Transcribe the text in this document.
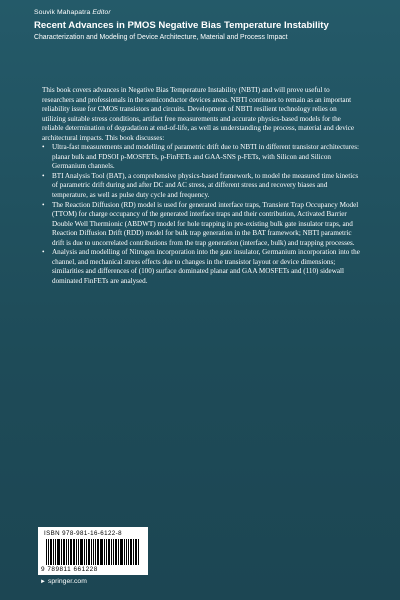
Souvik Mahapatra Editor
Recent Advances in PMOS Negative Bias Temperature Instability
Characterization and Modeling of Device Architecture, Material and Process Impact

This book covers advances in Negative Bias Temperature Instability (NBTI) and will prove useful to researchers and professionals in the semiconductor devices areas. NBTI continues to remain as an important reliability issue for CMOS transistors and circuits. Development of NBTI resilient technology relies on utilizing suitable stress conditions, artifact free measurements and accurate physics-based models for the reliable determination of degradation at end-of-life, as well as understanding the process, material and device architectural impacts. This book discusses:

• Ultra-fast measurements and modelling of parametric drift due to NBTI in different transistor architectures: planar bulk and FDSOI p-MOSFETs, p-FinFETs and GAA-SNS p-FETs, with Silicon and Silicon Germanium channels.
• BTI Analysis Tool (BAT), a comprehensive physics-based framework, to model the measured time kinetics of parametric drift during and after DC and AC stress, at different stress and recovery biases and temperature, as well as pulse duty cycle and frequency.
• The Reaction Diffusion (RD) model is used for generated interface traps, Transient Trap Occupancy Model (TTOM) for charge occupancy of the generated interface traps and their contribution, Activated Barrier Double Well Thermionic (ABDWT) model for hole trapping in pre-existing bulk gate insulator traps, and Reaction Diffusion Drift (RDD) model for bulk trap generation in the BAT framework; NBTI parametric drift is due to uncorrelated contributions from the trap generation (interface, bulk) and trapping processes.
• Analysis and modelling of Nitrogen incorporation into the gate insulator, Germanium incorporation into the channel, and mechanical stress effects due to changes in the transistor layout or device dimensions; similarities and differences of (100) surface dominated planar and GAA MOSFETs and (110) sidewall dominated FinFETs are analysed.
ISBN 978-981-16-6122-8
9 789811 661228
► springer.com
